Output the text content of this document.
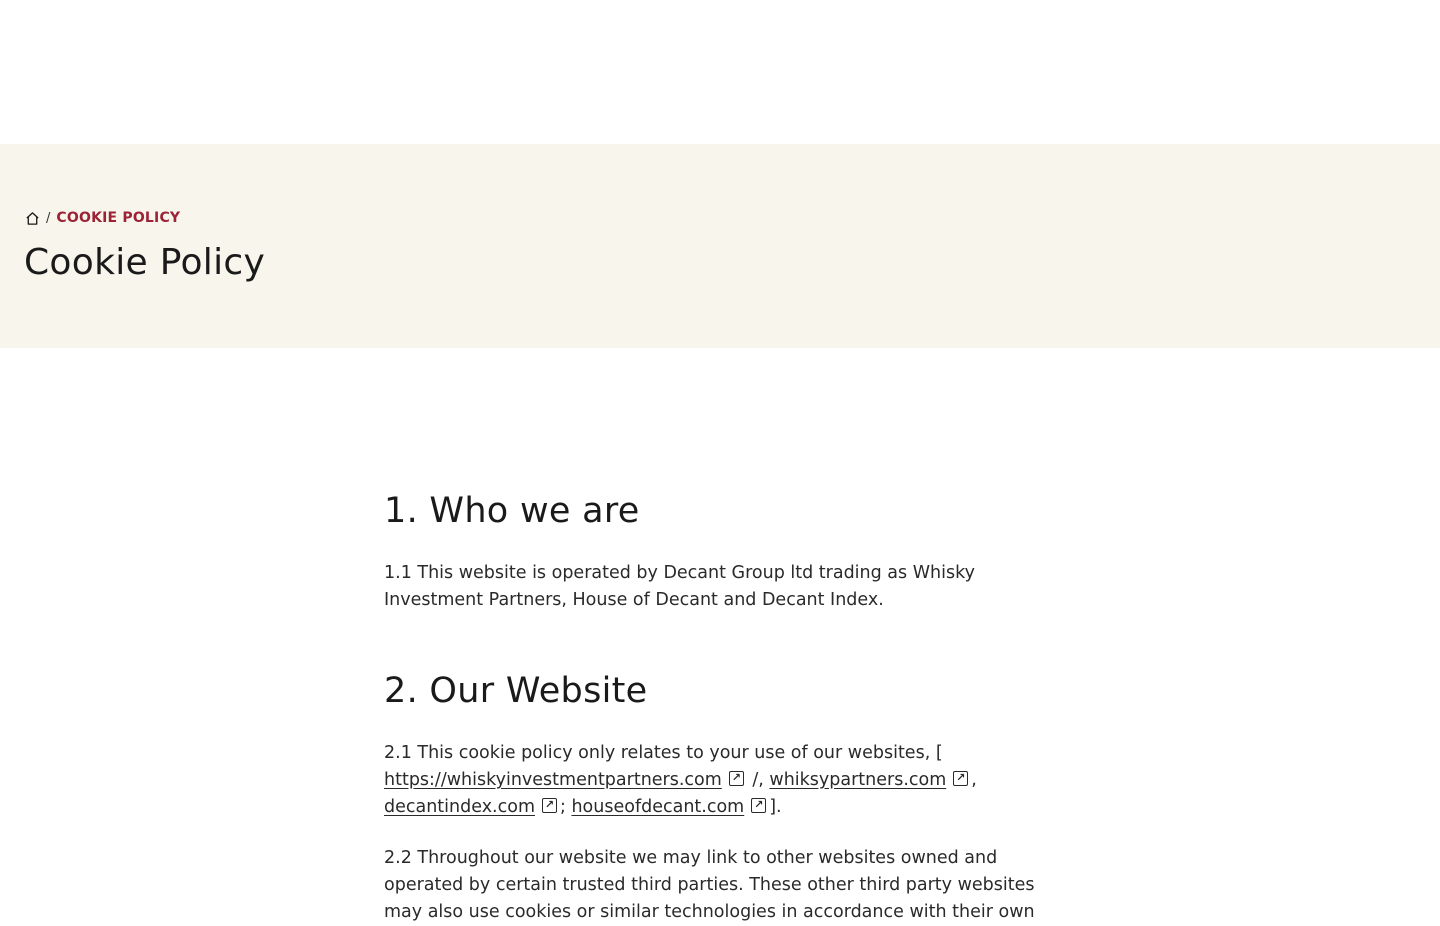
/ COOKIE POLICY
Cookie Policy
1. Who we are

1.1 This website is operated by Decant Group ltd trading as Whisky Investment Partners, House of Decant and Decant Index.

2. Our Website

2.1 This cookie policy only relates to your use of our websites, [
https://whiskyinvestmentpartners.com↗ /, whiksypartners.com ↗ ,
decantindex.com ↗ ; houseofdecant.com ↗ ].

2.2 Throughout our website we may link to other websites owned and operated by certain trusted third parties. These other third party websites may also use cookies or similar technologies in accordance with their own
